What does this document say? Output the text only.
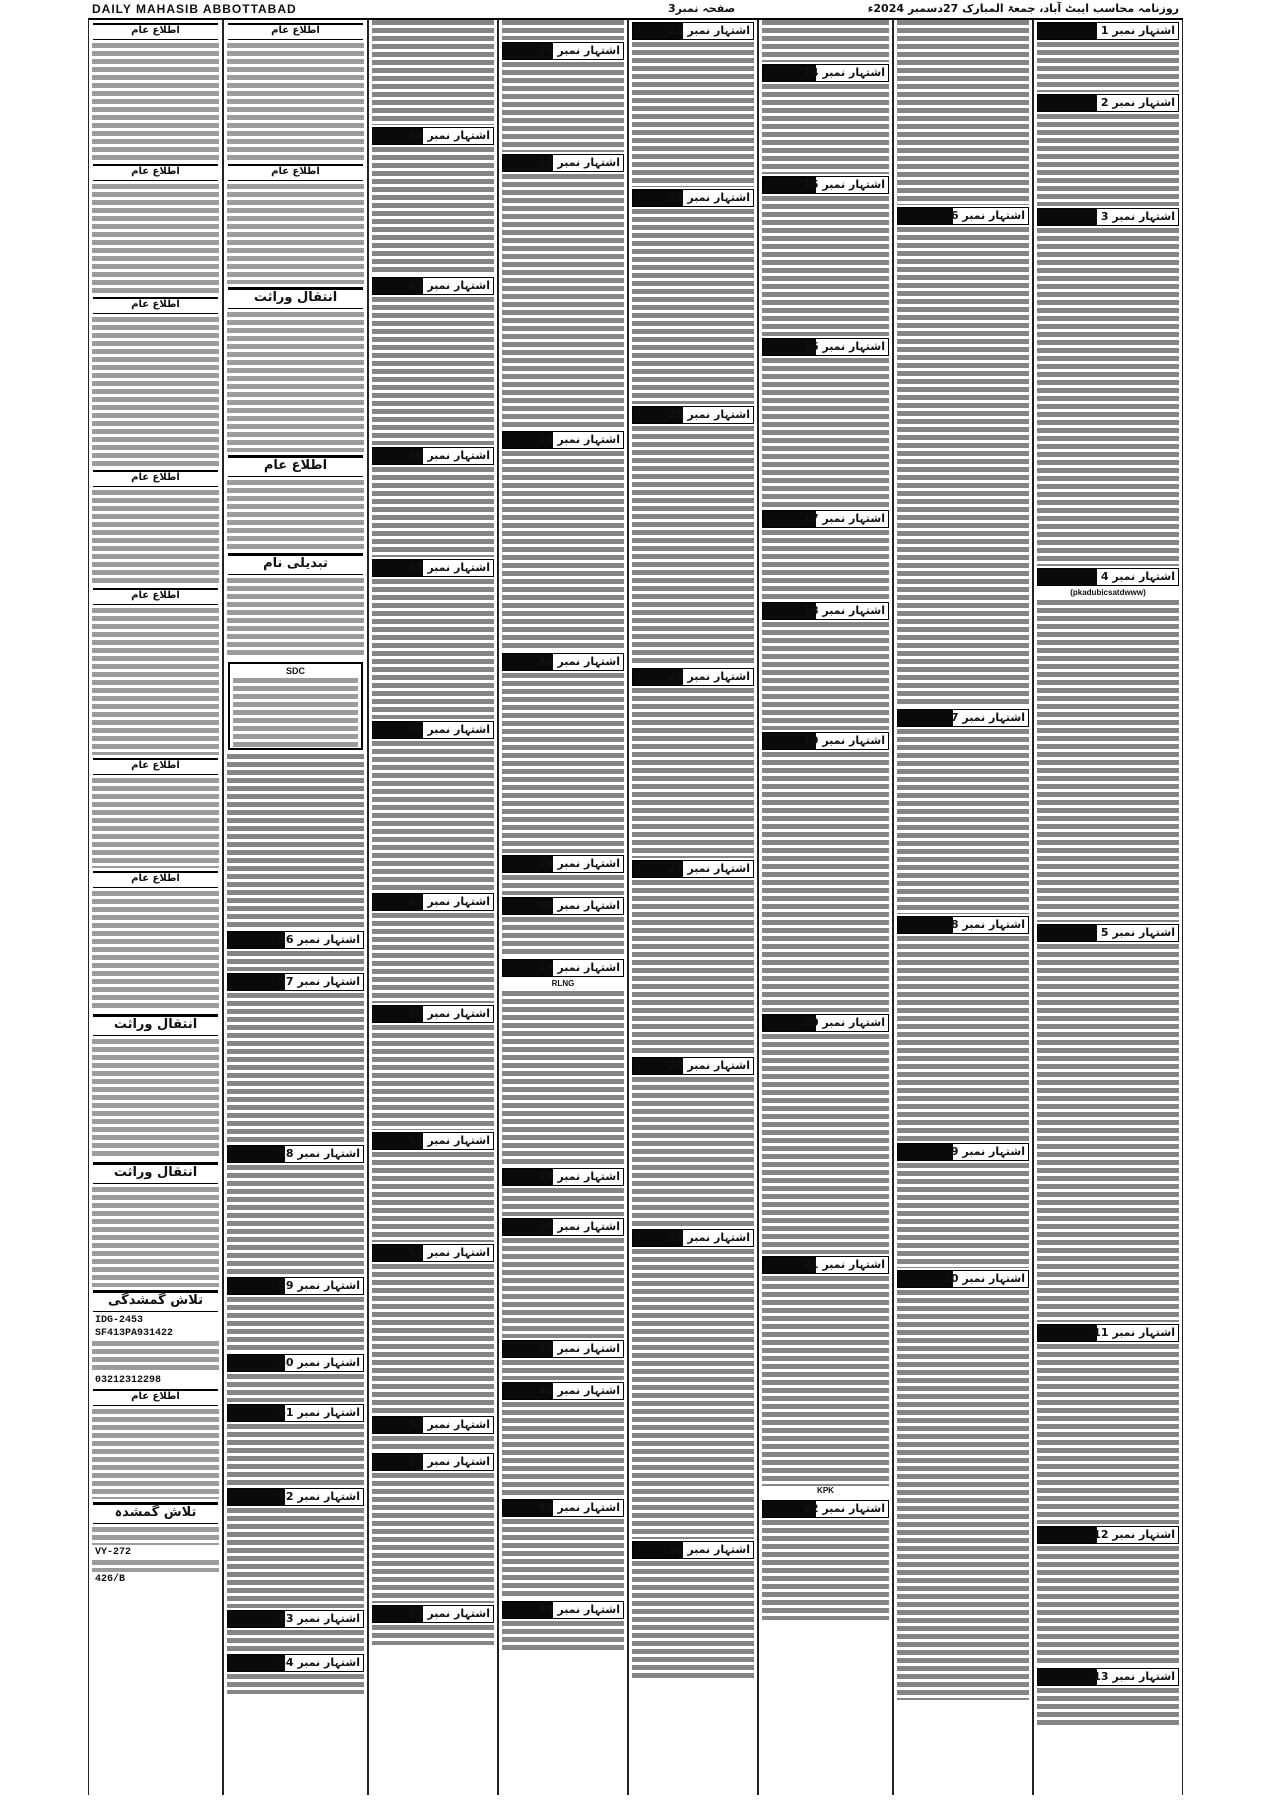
DAILY MAHASIB ABBOTTABAD	صفحہ نمبر3	روزنامہ محاسب ایبٹ آباد، جمعۃ المبارک 27دسمبر 2024ء
اشتہار نمبر 1
اشتہار نمبر 2
اشتہار نمبر 3
اشتہار نمبر 4
(pkadubicsatdwww)
اشتہار نمبر 5
اشتہار نمبر 11
اشتہار نمبر 12
اشتہار نمبر 13
اشتہار نمبر 6
اشتہار نمبر 7
اشتہار نمبر 8
اشتہار نمبر 9
اشتہار نمبر 10
اشتہار نمبر 14
اشتہار نمبر 15
اشتہار نمبر 16
اشتہار نمبر 17
اشتہار نمبر 18
اشتہار نمبر 19
اشتہار نمبر 20
اشتہار نمبر 21
KPK
اشتہار نمبر 22
اشتہار نمبر 23
اشتہار نمبر 24
اشتہار نمبر 25
اشتہار نمبر 26
اشتہار نمبر 27
اشتہار نمبر 28
اشتہار نمبر 29
اشتہار نمبر 30
اشتہار نمبر 31
اشتہار نمبر 32
اشتہار نمبر 33
اشتہار نمبر 34
اشتہار نمبر 35
اشتہار نمبر 36
اشتہار نمبر 37
RLNG
اشتہار نمبر 38
اشتہار نمبر 39
اشتہار نمبر 40
اشتہار نمبر 41
اشتہار نمبر 42
اشتہار نمبر 43
اشتہار نمبر 44
اشتہار نمبر 45
اشتہار نمبر 46
اشتہار نمبر 47
اشتہار نمبر 48
اشتہار نمبر 49
اشتہار نمبر 50
اشتہار نمبر 51
اشتہار نمبر 52
اشتہار نمبر 53
اشتہار نمبر 54
اشتہار نمبر 55
اطلاع عام
اطلاع عام
انتقال وراثت
اطلاع عام
تبدیلی نام
SDC
اشتہار نمبر 56
اشتہار نمبر 57
اشتہار نمبر 58
اشتہار نمبر 59
اشتہار نمبر 60
اشتہار نمبر 61
اشتہار نمبر 62
اشتہار نمبر 63
اشتہار نمبر 64
اطلاع عام
اطلاع عام
اطلاع عام
اطلاع عام
اطلاع عام
اطلاع عام
اطلاع عام
انتقال وراثت
انتقال وراثت
تلاش گمشدگی
IDG-2453
SF413PA931422
03212312298
اطلاع عام
تلاش گمشدہ
VY-272
426/B
